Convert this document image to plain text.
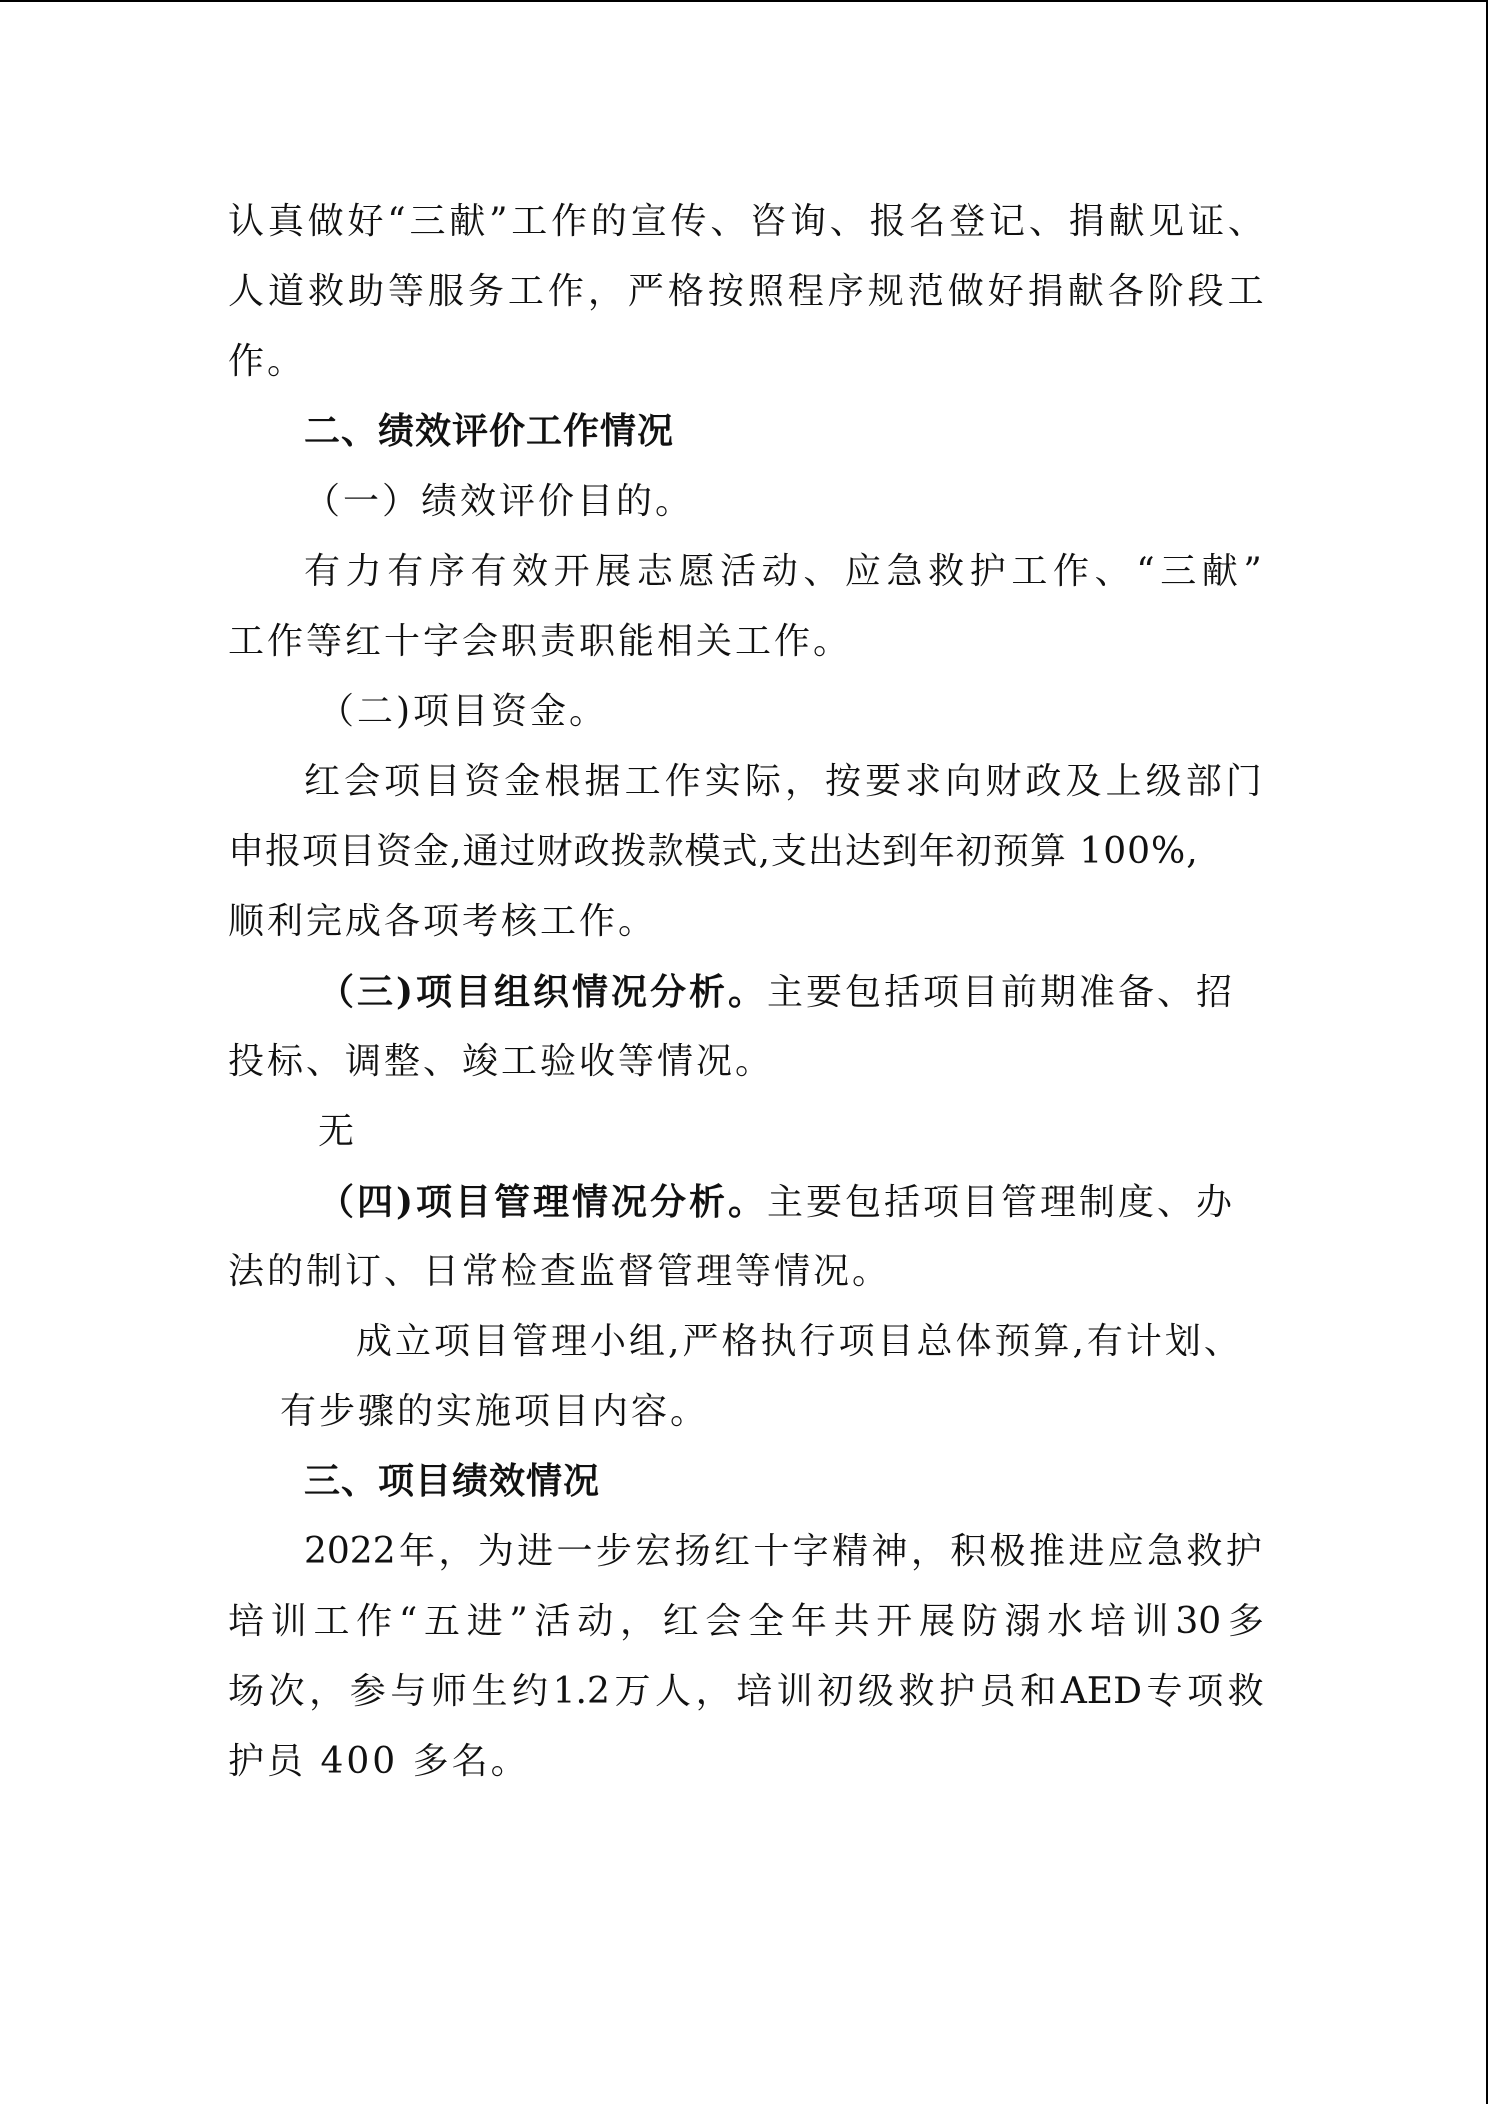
认 真 做 好 “ 三 献 ” 工 作 的 宣 传 、 咨 询 、 报 名 登 记 、 捐 献 见 证 、
人 道 救 助 等 服 务 工 作 ， 严 格 按 照 程 序 规 范 做 好 捐 献 各 阶 段 工
作。
二、绩效评价工作情况
（一）绩效评价目的。
有 力 有 序 有 效 开 展 志 愿 活 动 、 应 急 救 护 工 作 、 “ 三 献 ”
工作等红十字会职责职能相关工作。
（二)项目资金。
红 会 项 目 资 金 根 据 工 作 实 际 ， 按 要 求 向 财 政 及 上 级 部 门
申报项目资金,通过财政拨款模式,支出达到年初预算 100%,
顺利完成各项考核工作。
（三)项目组织情况分析。主要包括项目前期准备、招
投标、调整、竣工验收等情况。
无
（四)项目管理情况分析。主要包括项目管理制度、办
法的制订、日常检查监督管理等情况。
成立项目管理小组,严格执行项目总体预算,有计划、
有步骤的实施项目内容。
三、项目绩效情况
2022 年 ， 为 进 一 步 宏 扬 红 十 字 精 神 ， 积 极 推 进 应 急 救 护
培 训 工 作 “ 五 进 ” 活 动 ， 红 会 全 年 共 开 展 防 溺 水 培 训 30 多
场 次 ， 参 与 师 生 约 1.2 万 人 ， 培 训 初 级 救 护 员 和 AED 专 项 救
护员 400 多名。
